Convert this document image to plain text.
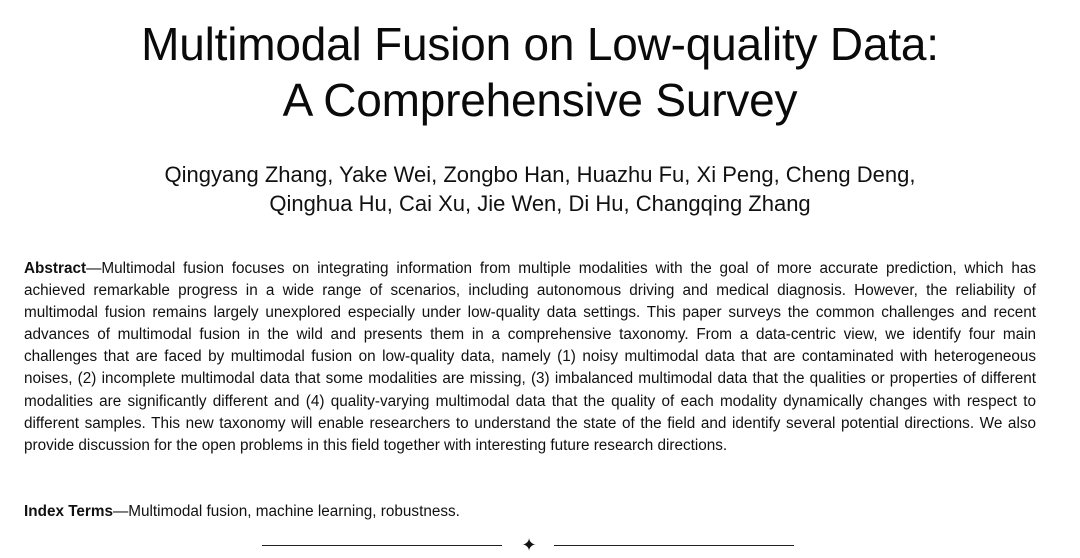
Multimodal Fusion on Low-quality Data:
A Comprehensive Survey
Qingyang Zhang, Yake Wei, Zongbo Han, Huazhu Fu, Xi Peng, Cheng Deng,
Qinghua Hu, Cai Xu, Jie Wen, Di Hu, Changqing Zhang

Abstract—Multimodal fusion focuses on integrating information from multiple modalities with the goal of more accurate prediction, which has achieved remarkable progress in a wide range of scenarios, including autonomous driving and medical diagnosis. However, the reliability of multimodal fusion remains largely unexplored especially under low-quality data settings. This paper surveys the common challenges and recent advances of multimodal fusion in the wild and presents them in a comprehensive taxonomy. From a data-centric view, we identify four main challenges that are faced by multimodal fusion on low-quality data, namely (1) noisy multimodal data that are contaminated with heterogeneous noises, (2) incomplete multimodal data that some modalities are missing, (3) imbalanced multimodal data that the qualities or properties of different modalities are significantly different and (4) quality-varying multimodal data that the quality of each modality dynamically changes with respect to different samples. This new taxonomy will enable researchers to understand the state of the field and identify several potential directions. We also provide discussion for the open problems in this field together with interesting future research directions.

Index Terms—Multimodal fusion, machine learning, robustness.

✦
